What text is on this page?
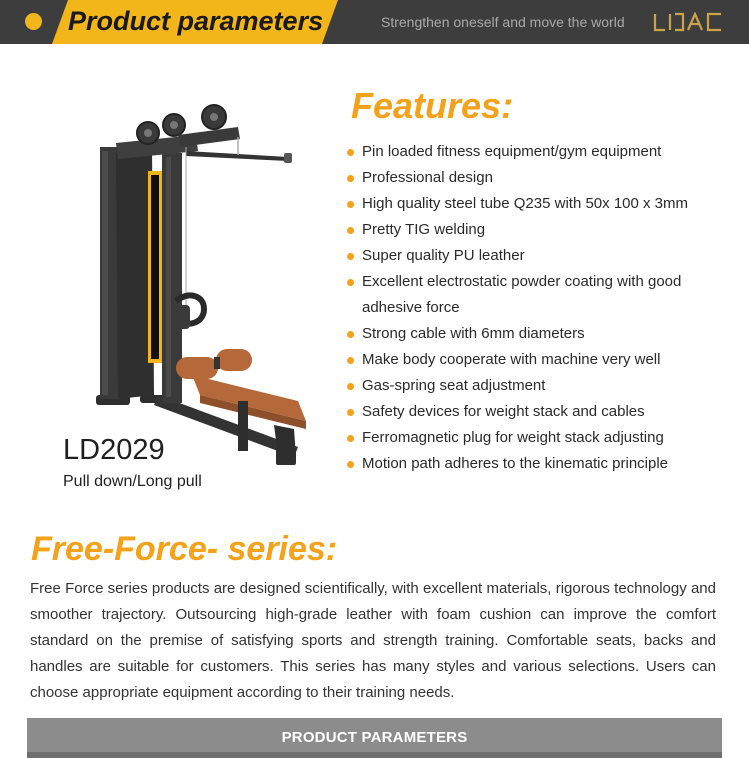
Product parameters	Strengthen oneself and move the world
LD2029
Pull down/Long pull
Features:
Pin loaded fitness equipment/gym equipment
Professional design
High quality steel tube Q235 with 50x 100 x 3mm
Pretty TIG welding
Super quality PU leather
Excellent electrostatic powder coating with good adhesive force
Strong cable with 6mm diameters
Make body cooperate with machine very well
Gas-spring seat adjustment
Safety devices for weight stack and cables
Ferromagnetic plug for weight stack adjusting
Motion path adheres to the kinematic principle
Free-Force- series:

Free Force series products are designed scientifically, with excellent materials, rigorous technology and smoother trajectory. Outsourcing high-grade leather with foam cushion can improve the comfort standard on the premise of satisfying sports and strength training. Comfortable seats, backs and handles are suitable for customers. This series has many styles and various selections. Users can choose appropriate equipment according to their training needs.

PRODUCT PARAMETERS
